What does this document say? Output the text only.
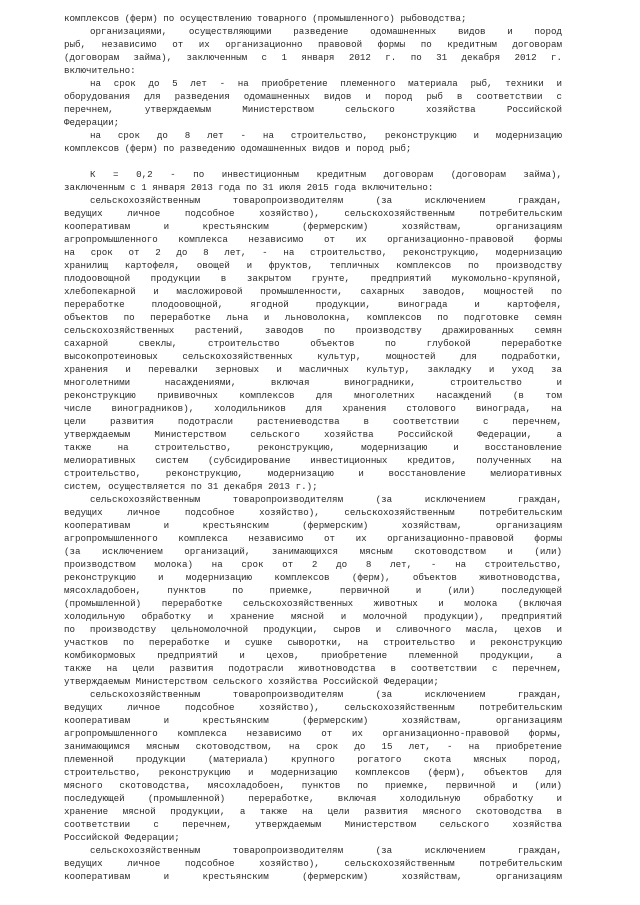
комплексов (ферм) по осуществлению товарного (промышленного) рыбоводства;
организациями, осуществляющими разведение одомашненных видов и пород
рыб, независимо от их организационно правовой формы по кредитным договорам
(договорам займа), заключенным с 1 января 2012 г. по 31 декабря 2012 г.
включительно:
на срок до 5 лет - на приобретение племенного материала рыб, техники и
оборудования для разведения одомашненных видов и пород рыб в соответствии с
перечнем, утверждаемым Министерством сельского хозяйства Российской
Федерации;
на срок до 8 лет - на строительство, реконструкцию и модернизацию
комплексов (ферм) по разведению одомашненных видов и пород рыб;
К = 0,2 - по инвестиционным кредитным договорам (договорам займа),
заключенным с 1 января 2013 года по 31 июля 2015 года включительно:
сельскохозяйственным товаропроизводителям (за исключением граждан,
ведущих личное подсобное хозяйство), сельскохозяйственным потребительским
кооперативам и крестьянским (фермерским) хозяйствам, организациям
агропромышленного комплекса независимо от их организационно-правовой формы
на срок от 2 до 8 лет, - на строительство, реконструкцию, модернизацию
хранилищ картофеля, овощей и фруктов, тепличных комплексов по производству
плодоовощной продукции в закрытом грунте, предприятий мукомольно-крупяной,
хлебопекарной и масложировой промышленности, сахарных заводов, мощностей по
переработке плодоовощной, ягодной продукции, винограда и картофеля,
объектов по переработке льна и льноволокна, комплексов по подготовке семян
сельскохозяйственных растений, заводов по производству дражированных семян
сахарной свеклы, строительство объектов по глубокой переработке
высокопротеиновых сельскохозяйственных культур, мощностей для подработки,
хранения и перевалки зерновых и масличных культур, закладку и уход за
многолетними насаждениями, включая виноградники, строительство и
реконструкцию прививочных комплексов для многолетних насаждений (в том
числе виноградников), холодильников для хранения столового винограда, на
цели развития подотрасли растениеводства в соответствии с перечнем,
утверждаемым Министерством сельского хозяйства Российской Федерации, а
также на строительство, реконструкцию, модернизацию и восстановление
мелиоративных систем (субсидирование инвестиционных кредитов, полученных на
строительство, реконструкцию, модернизацию и восстановление мелиоративных
систем, осуществляется по 31 декабря 2013 г.);
сельскохозяйственным товаропроизводителям (за исключением граждан,
ведущих личное подсобное хозяйство), сельскохозяйственным потребительским
кооперативам и крестьянским (фермерским) хозяйствам, организациям
агропромышленного комплекса независимо от их организационно-правовой формы
(за исключением организаций, занимающихся мясным скотоводством и (или)
производством молока) на срок от 2 до 8 лет, - на строительство,
реконструкцию и модернизацию комплексов (ферм), объектов животноводства,
мясохладобоен, пунктов по приемке, первичной и (или) последующей
(промышленной) переработке сельскохозяйственных животных и молока (включая
холодильную обработку и хранение мясной и молочной продукции), предприятий
по производству цельномолочной продукции, сыров и сливочного масла, цехов и
участков по переработке и сушке сыворотки, на строительство и реконструкцию
комбикормовых предприятий и цехов, приобретение племенной продукции, а
также на цели развития подотрасли животноводства в соответствии с перечнем,
утверждаемым Министерством сельского хозяйства Российской Федерации;
сельскохозяйственным товаропроизводителям (за исключением граждан,
ведущих личное подсобное хозяйство), сельскохозяйственным потребительским
кооперативам и крестьянским (фермерским) хозяйствам, организациям
агропромышленного комплекса независимо от их организационно-правовой формы,
занимающимся мясным скотоводством, на срок до 15 лет, - на приобретение
племенной продукции (материала) крупного рогатого скота мясных пород,
строительство, реконструкцию и модернизацию комплексов (ферм), объектов для
мясного скотоводства, мясохладобоен, пунктов по приемке, первичной и (или)
последующей (промышленной) переработке, включая холодильную обработку и
хранение мясной продукции, а также на цели развития мясного скотоводства в
соответствии с перечнем, утверждаемым Министерством сельского хозяйства
Российской Федерации;
сельскохозяйственным товаропроизводителям (за исключением граждан,
ведущих личное подсобное хозяйство), сельскохозяйственным потребительским
кооперативам и крестьянским (фермерским) хозяйствам, организациям
